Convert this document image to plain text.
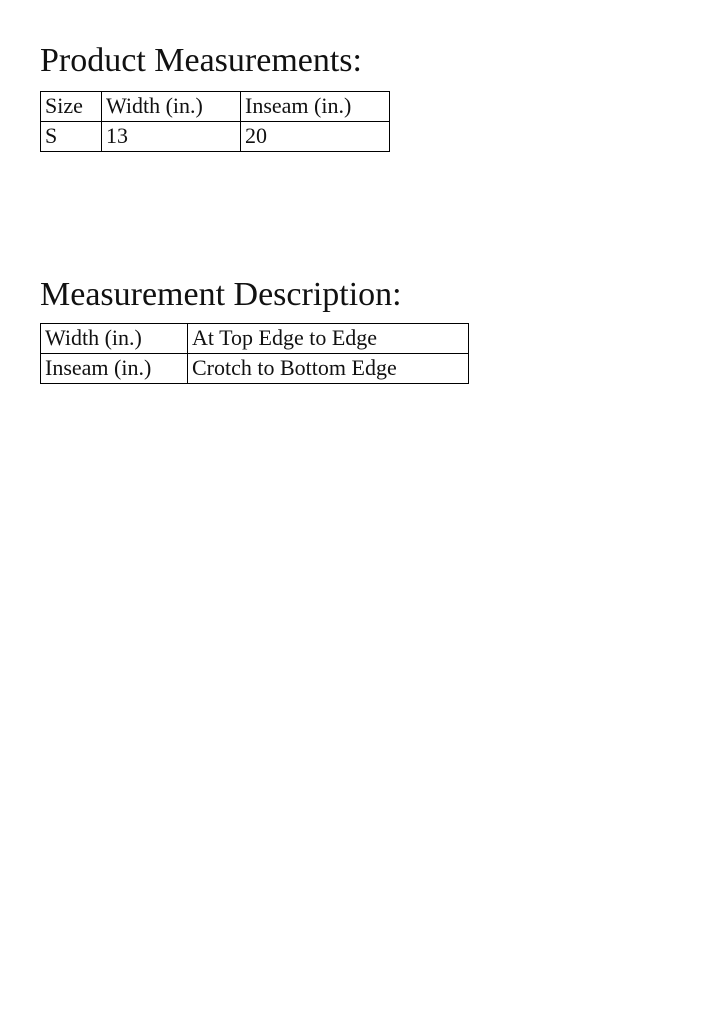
Product Measurements:
Size	Width (in.)	Inseam (in.)
S	13	20
Measurement Description:
Width (in.)	At Top Edge to Edge
Inseam (in.)	Crotch to Bottom Edge
